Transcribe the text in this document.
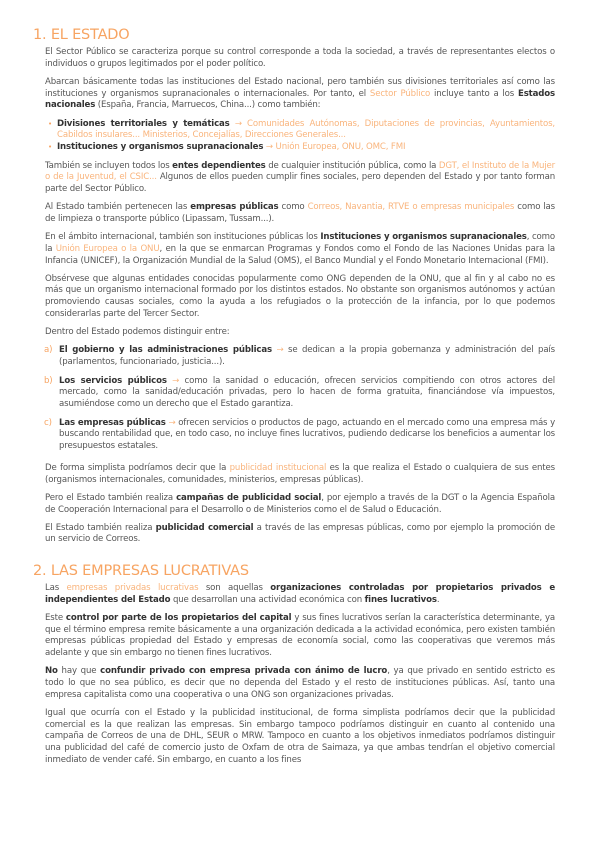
1. EL ESTADO

El Sector Público se caracteriza porque su control corresponde a toda la sociedad, a través de representantes electos o individuos o grupos legitimados por el poder político.

Abarcan básicamente todas las instituciones del Estado nacional, pero también sus divisiones territoriales así como las instituciones y organismos supranacionales o internacionales. Por tanto, el Sector Público incluye tanto a los Estados nacionales (España, Francia, Marruecos, China...) como también:

• Divisiones territoriales y temáticas → Comunidades Autónomas, Diputaciones de provincias, Ayuntamientos, Cabildos insulares... Ministerios, Concejalías, Direcciones Generales...
• Instituciones y organismos supranacionales → Unión Europea, ONU, OMC, FMI

También se incluyen todos los entes dependientes de cualquier institución pública, como la DGT, el Instituto de la Mujer o de la Juventud, el CSIC... Algunos de ellos pueden cumplir fines sociales, pero dependen del Estado y por tanto forman parte del Sector Público.

Al Estado también pertenecen las empresas públicas como Correos, Navantia, RTVE o empresas municipales como las de limpieza o transporte público (Lipassam, Tussam...).

En el ámbito internacional, también son instituciones públicas los Instituciones y organismos supranacionales, como la Unión Europea o la ONU, en la que se enmarcan Programas y Fondos como el Fondo de las Naciones Unidas para la Infancia (UNICEF), la Organización Mundial de la Salud (OMS), el Banco Mundial y el Fondo Monetario Internacional (FMI).

Obsérvese que algunas entidades conocidas popularmente como ONG dependen de la ONU, que al fin y al cabo no es más que un organismo internacional formado por los distintos estados. No obstante son organismos autónomos y actúan promoviendo causas sociales, como la ayuda a los refugiados o la protección de la infancia, por lo que podemos considerarlas parte del Tercer Sector.

Dentro del Estado podemos distinguir entre:

a) El gobierno y las administraciones públicas → se dedican a la propia gobernanza y administración del país (parlamentos, funcionariado, justicia...).
b) Los servicios públicos → como la sanidad o educación, ofrecen servicios compitiendo con otros actores del mercado, como la sanidad/educación privadas, pero lo hacen de forma gratuita, financiándose vía impuestos, asumiéndose como un derecho que el Estado garantiza.
c) Las empresas públicas → ofrecen servicios o productos de pago, actuando en el mercado como una empresa más y buscando rentabilidad que, en todo caso, no incluye fines lucrativos, pudiendo dedicarse los beneficios a aumentar los presupuestos estatales.

De forma simplista podríamos decir que la publicidad institucional es la que realiza el Estado o cualquiera de sus entes (organismos internacionales, comunidades, ministerios, empresas públicas).

Pero el Estado también realiza campañas de publicidad social, por ejemplo a través de la DGT o la Agencia Española de Cooperación Internacional para el Desarrollo o de Ministerios como el de Salud o Educación.

El Estado también realiza publicidad comercial a través de las empresas públicas, como por ejemplo la promoción de un servicio de Correos.

2. LAS EMPRESAS LUCRATIVAS

Las empresas privadas lucrativas son aquellas organizaciones controladas por propietarios privados e independientes del Estado que desarrollan una actividad económica con fines lucrativos.

Este control por parte de los propietarios del capital y sus fines lucrativos serían la característica determinante, ya que el término empresa remite básicamente a una organización dedicada a la actividad económica, pero existen también empresas públicas propiedad del Estado y empresas de economía social, como las cooperativas que veremos más adelante y que sin embargo no tienen fines lucrativos.

No hay que confundir privado con empresa privada con ánimo de lucro, ya que privado en sentido estricto es todo lo que no sea público, es decir que no dependa del Estado y el resto de instituciones públicas. Así, tanto una empresa capitalista como una cooperativa o una ONG son organizaciones privadas.

Igual que ocurría con el Estado y la publicidad institucional, de forma simplista podríamos decir que la publicidad comercial es la que realizan las empresas. Sin embargo tampoco podríamos distinguir en cuanto al contenido una campaña de Correos de una de DHL, SEUR o MRW. Tampoco en cuanto a los objetivos inmediatos podríamos distinguir una publicidad del café de comercio justo de Oxfam de otra de Saimaza, ya que ambas tendrían el objetivo comercial inmediato de vender café. Sin embargo, en cuanto a los fines
